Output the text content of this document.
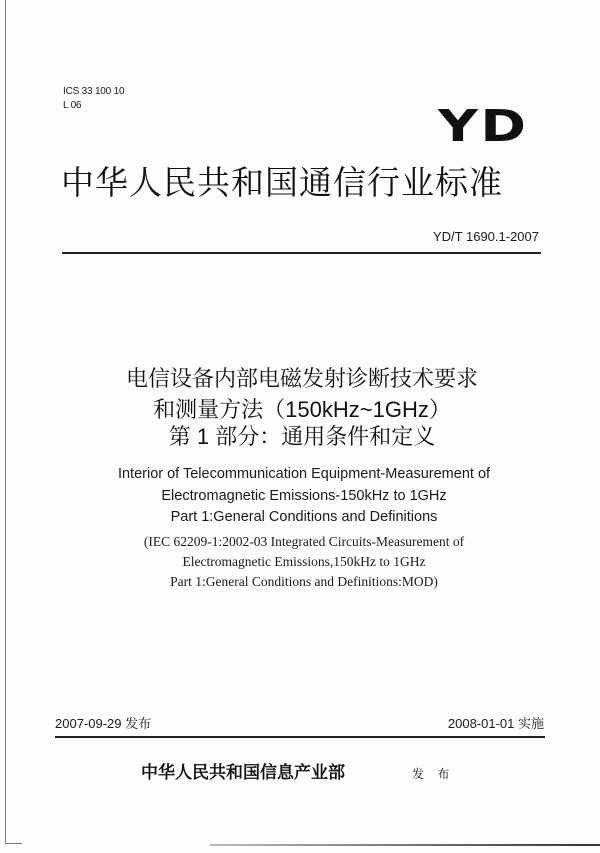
ICS 33 100 10
L 06	YD
中华人民共和国通信行业标准
YD/T 1690.1-2007
电信设备内部电磁发射诊断技术要求
和测量方法（150kHz~1GHz）
第 1 部分：通用条件和定义
Interior of Telecommunication Equipment-Measurement of
Electromagnetic Emissions-150kHz to 1GHz
Part 1:General Conditions and Definitions
(IEC 62209-1:2002-03 Integrated Circuits-Measurement of
Electromagnetic Emissions,150kHz to 1GHz
Part 1:General Conditions and Definitions:MOD)
2007-09-29 发布	2008-01-01 实施
中华人民共和国信息产业部	发 布
